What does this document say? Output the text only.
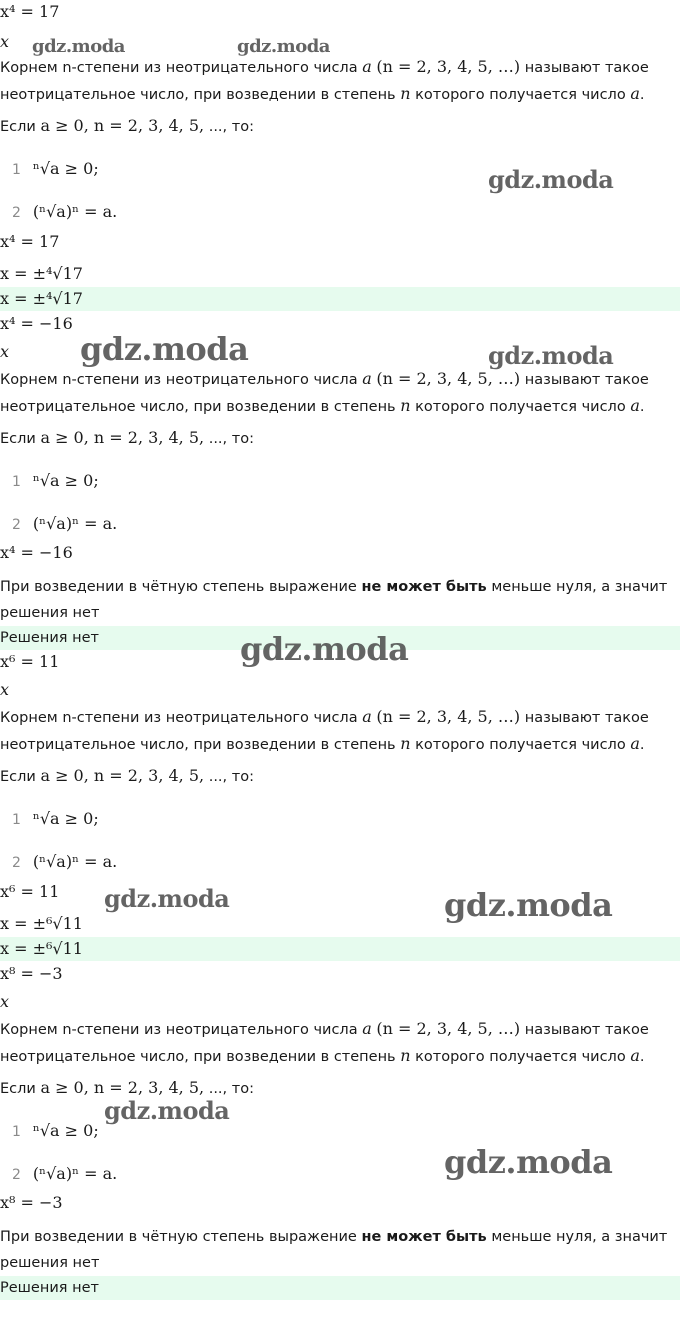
x⁴ = 17
x
Корнем n-степени из неотрицательного числа a (n = 2, 3, 4, 5, …) называют такое
неотрицательное число, при возведении в степень n которого получается число a.
Если a ≥ 0, n = 2, 3, 4, 5, ..., то:
1 ⁿ√a ≥ 0;
2 (ⁿ√a)ⁿ = a.
x⁴ = 17
x = ±⁴√17
x = ±⁴√17
x⁴ = −16
x
Корнем n-степени из неотрицательного числа a (n = 2, 3, 4, 5, …) называют такое
неотрицательное число, при возведении в степень n которого получается число a.
Если a ≥ 0, n = 2, 3, 4, 5, ..., то:
1 ⁿ√a ≥ 0;
2 (ⁿ√a)ⁿ = a.
x⁴ = −16
При возведении в чётную степень выражение не может быть меньше нуля, а значит
решения нет
Решения нет
x⁶ = 11
x
Корнем n-степени из неотрицательного числа a (n = 2, 3, 4, 5, …) называют такое
неотрицательное число, при возведении в степень n которого получается число a.
Если a ≥ 0, n = 2, 3, 4, 5, ..., то:
1 ⁿ√a ≥ 0;
2 (ⁿ√a)ⁿ = a.
x⁶ = 11
x = ±⁶√11
x = ±⁶√11
x⁸ = −3
x
Корнем n-степени из неотрицательного числа a (n = 2, 3, 4, 5, …) называют такое
неотрицательное число, при возведении в степень n которого получается число a.
Если a ≥ 0, n = 2, 3, 4, 5, ..., то:
1 ⁿ√a ≥ 0;
2 (ⁿ√a)ⁿ = a.
x⁸ = −3
При возведении в чётную степень выражение не может быть меньше нуля, а значит
решения нет
Решения нет
gdz.moda	gdz.moda
gdz.moda
gdz.moda	gdz.moda
gdz.moda
gdz.moda	gdz.moda
gdz.moda
gdz.moda
